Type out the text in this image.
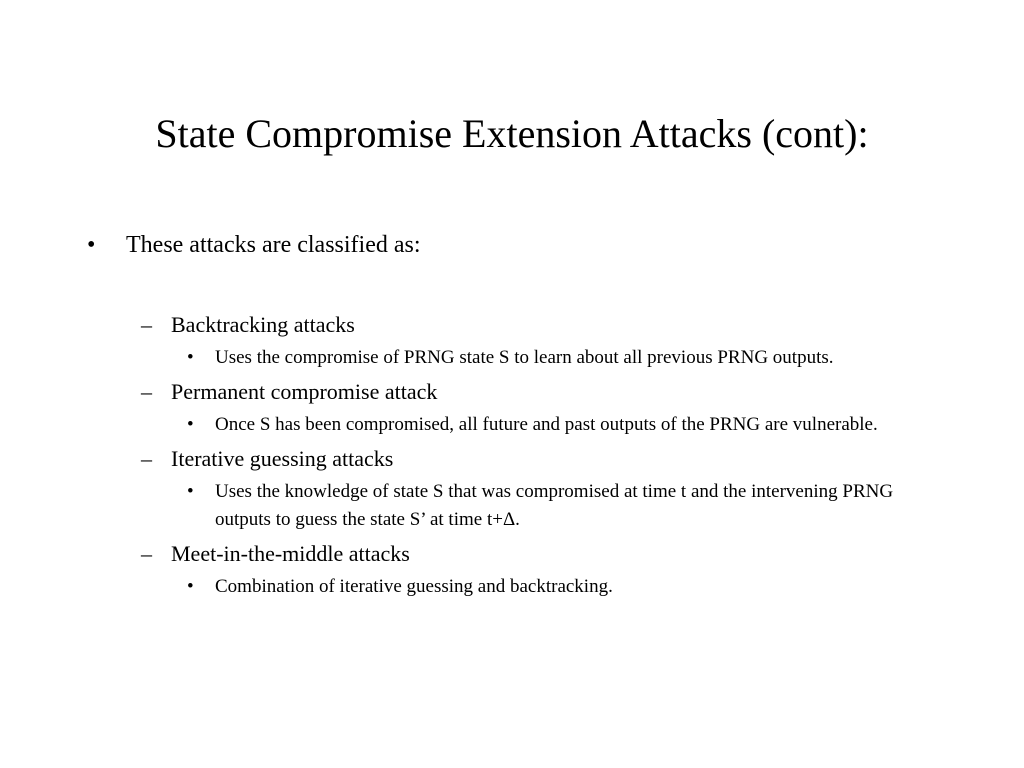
State Compromise Extension Attacks (cont):
• These attacks are classified as:
– Backtracking attacks
• Uses the compromise of PRNG state S to learn about all previous PRNG outputs.
– Permanent compromise attack
• Once S has been compromised, all future and past outputs of the PRNG are vulnerable.
– Iterative guessing attacks
• Uses the knowledge of state S that was compromised at time t and the intervening PRNG outputs to guess the state S’ at time t+Δ.
– Meet-in-the-middle attacks
• Combination of iterative guessing and backtracking.
